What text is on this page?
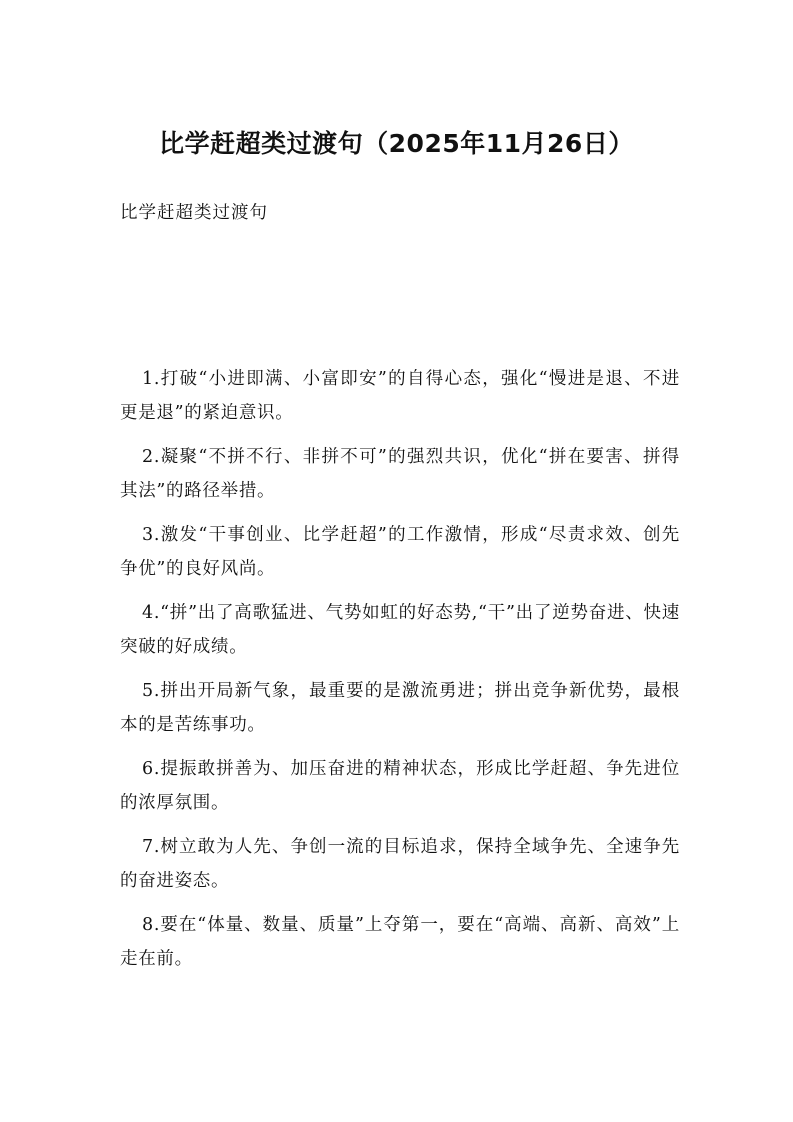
比学赶超类过渡句（2025年11月26日）

比学赶超类过渡句

1.打破“小进即满、小富即安”的自得心态，强化“慢进是退、不进更是退”的紧迫意识。
2.凝聚“不拼不行、非拼不可”的强烈共识，优化“拼在要害、拼得其法”的路径举措。
3.激发“干事创业、比学赶超”的工作激情，形成“尽责求效、创先争优”的良好风尚。
4.“拼”出了高歌猛进、气势如虹的好态势,“干”出了逆势奋进、快速突破的好成绩。
5.拼出开局新气象，最重要的是激流勇进；拼出竞争新优势，最根本的是苦练事功。
6.提振敢拼善为、加压奋进的精神状态，形成比学赶超、争先进位的浓厚氛围。
7.树立敢为人先、争创一流的目标追求，保持全域争先、全速争先的奋进姿态。
8.要在“体量、数量、质量”上夺第一，要在“高端、高新、高效”上走在前。
